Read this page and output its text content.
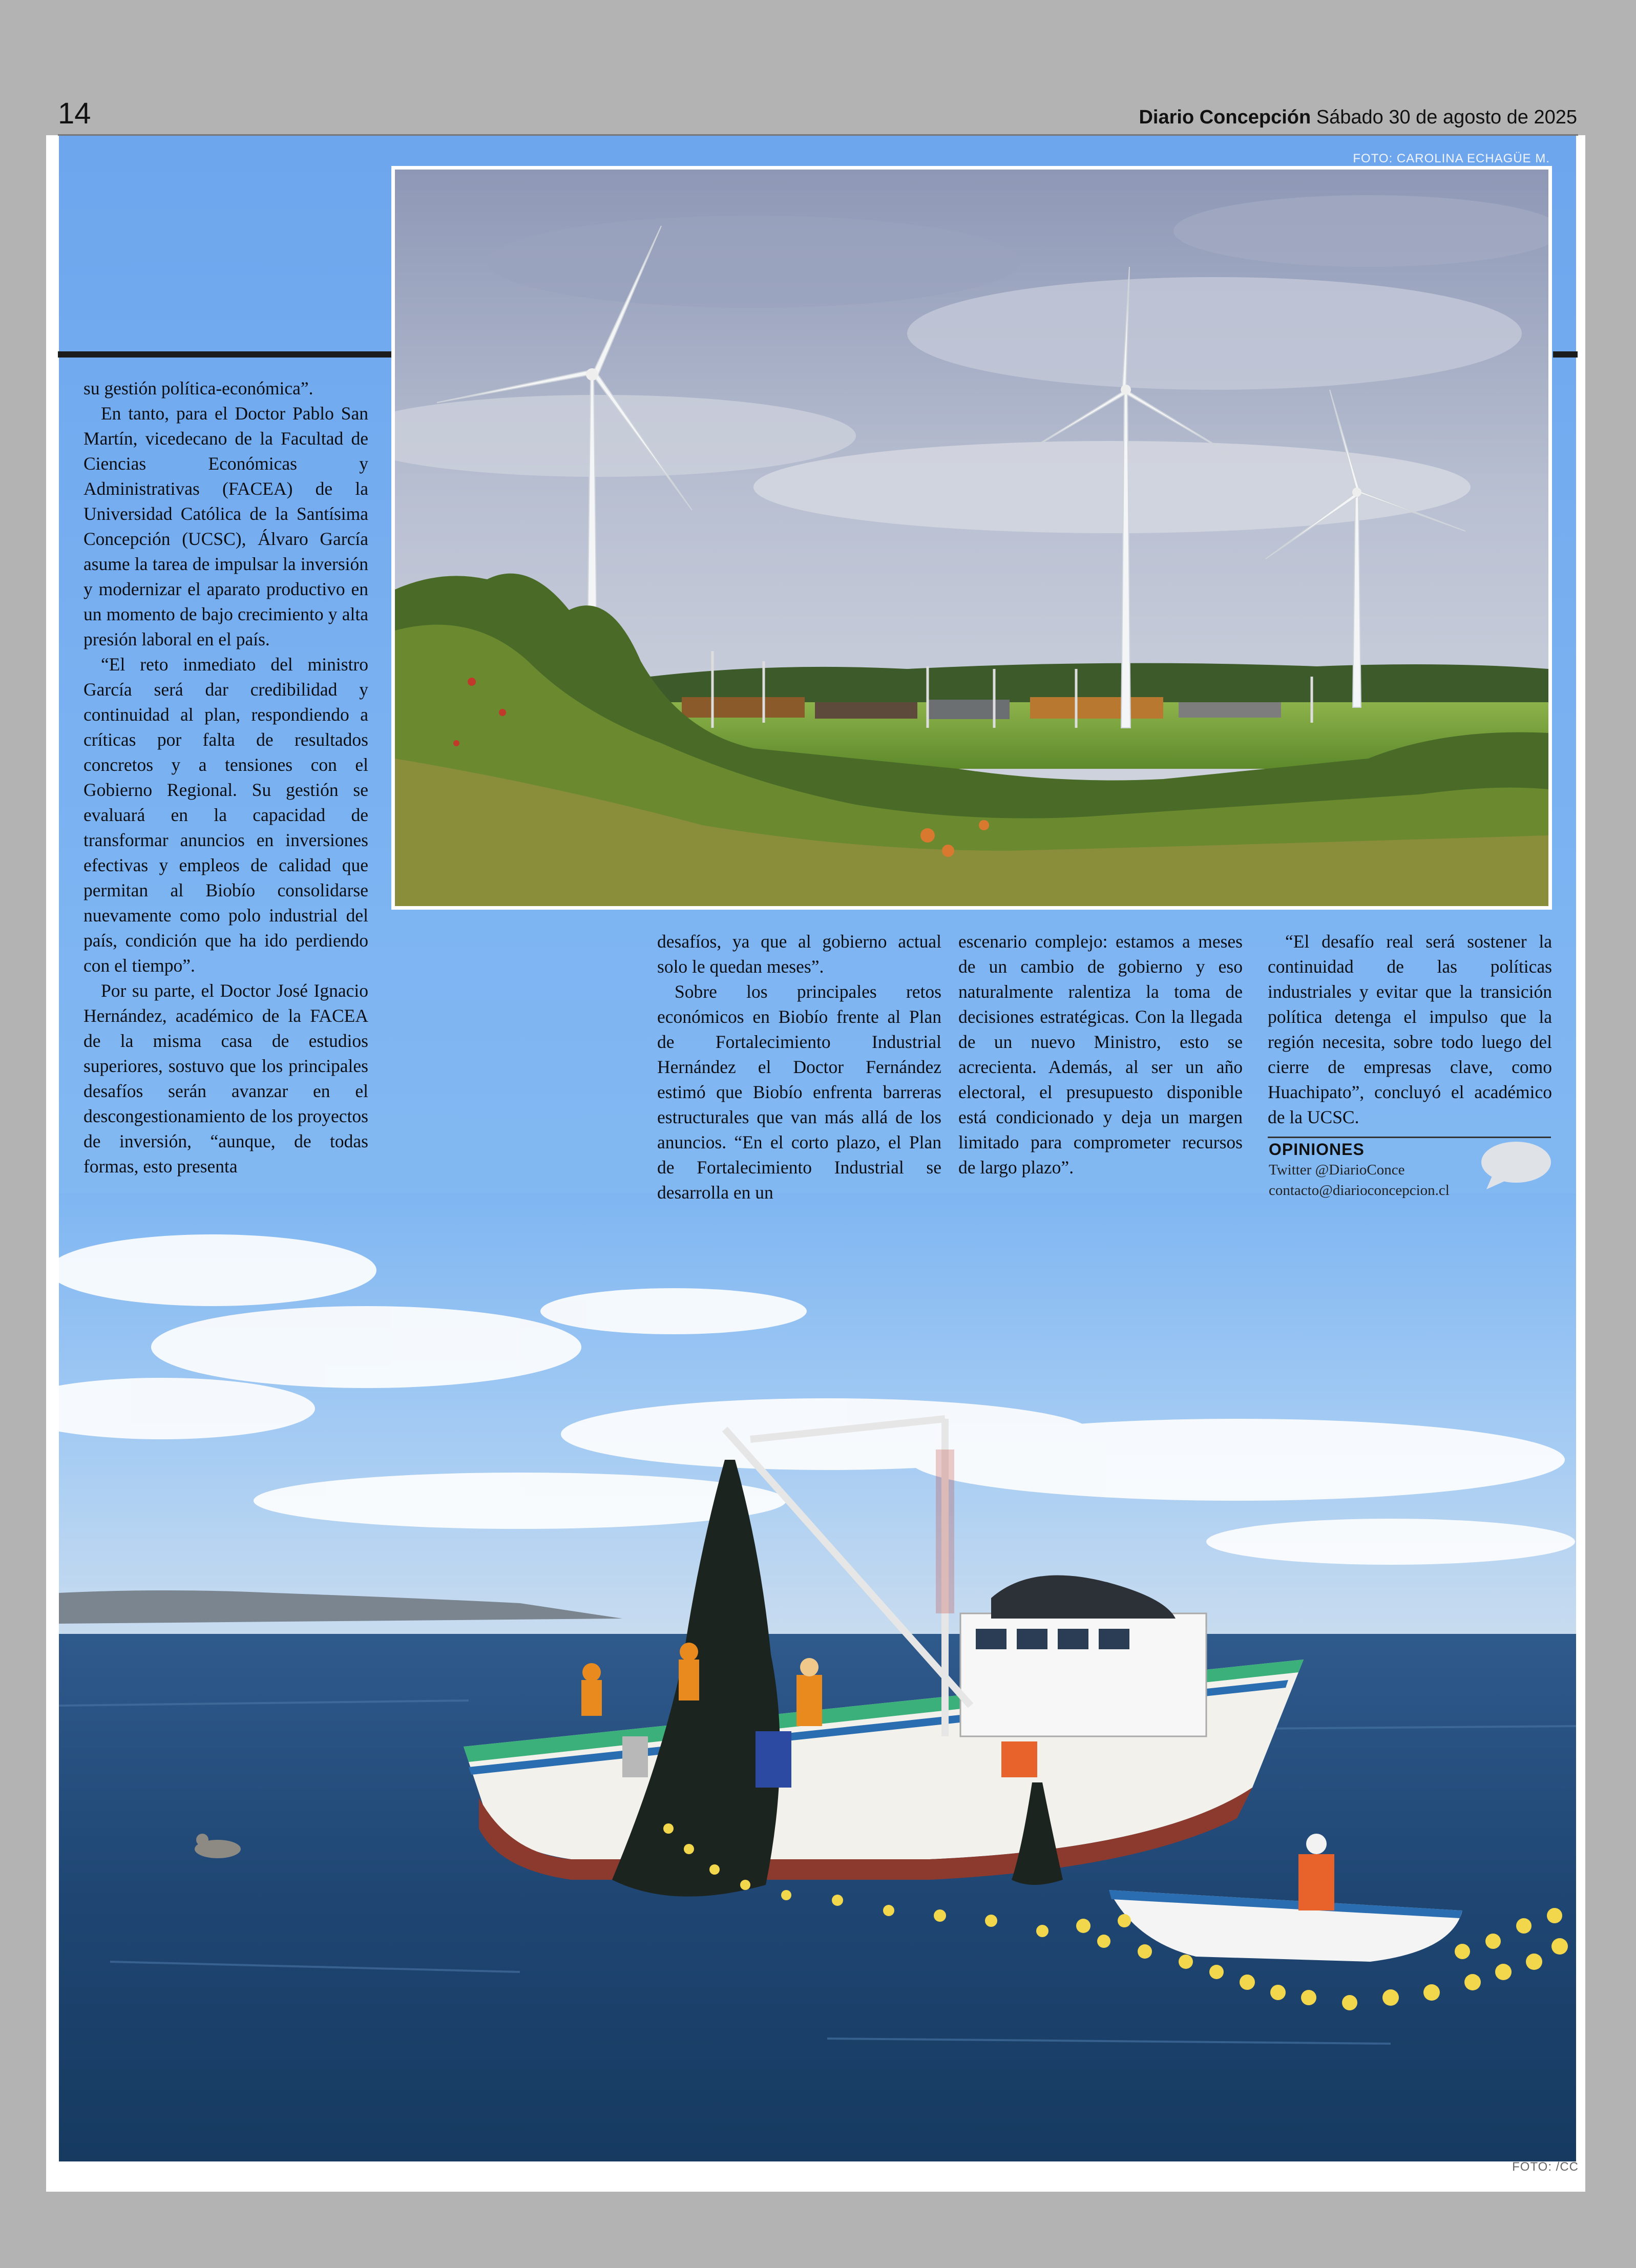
14	Diario Concepción Sábado 30 de agosto de 2025
FOTO: CAROLINA ECHAGÜE M.
FOTO: /CC

su gestión política-económica”.

En tanto, para el Doctor Pablo San Martín, vicedecano de la Facultad de Ciencias Económicas y Administrativas (FACEA) de la Universidad Católica de la Santísima Concepción (UCSC), Álvaro García asume la tarea de impulsar la inversión y modernizar el aparato productivo en un momento de bajo crecimiento y alta presión laboral en el país.

“El reto inmediato del ministro García será dar credibilidad y continuidad al plan, respondiendo a críticas por falta de resultados concretos y a tensiones con el Gobierno Regional. Su gestión se evaluará en la capacidad de transformar anuncios en inversiones efectivas y empleos de calidad que permitan al Biobío consolidarse nuevamente como polo industrial del país, condición que ha ido perdiendo con el tiempo”.

Por su parte, el Doctor José Ignacio Hernández, académico de la FACEA de la misma casa de estudios superiores, sostuvo que los principales desafíos serán avanzar en el descongestionamiento de los proyectos de inversión, “aunque, de todas formas, esto presenta

desafíos, ya que al gobierno actual solo le quedan meses”.

Sobre los principales retos económicos en Biobío frente al Plan de Fortalecimiento Industrial Hernández el Doctor Fernández estimó que Biobío enfrenta barreras estructurales que van más allá de los anuncios. “En el corto plazo, el Plan de Fortalecimiento Industrial se desarrolla en un

escenario complejo: estamos a meses de un cambio de gobierno y eso naturalmente ralentiza la toma de decisiones estratégicas. Con la llegada de un nuevo Ministro, esto se acrecienta. Además, al ser un año electoral, el presupuesto disponible está condicionado y deja un margen limitado para comprometer recursos de largo plazo”.

“El desafío real será sostener la continuidad de las políticas industriales y evitar que la transición política detenga el impulso que la región necesita, sobre todo luego del cierre de empresas clave, como Huachipato”, concluyó el académico de la UCSC.

OPINIONES
Twitter @DiarioConce
contacto@diarioconcepcion.cl
